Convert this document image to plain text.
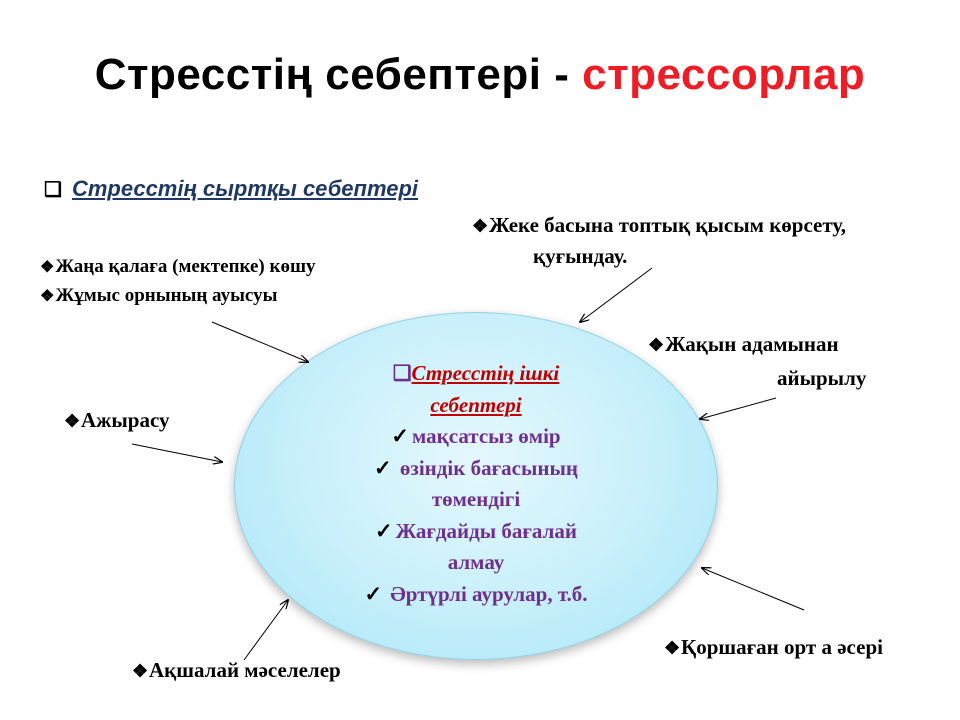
Стресстің себептері - стрессорлар
❑ Стресстің сыртқы себептері
❖Жаңа қалаға (мектепке) көшу
❖Жұмыс орнының ауысуы
❖Жеке басына топтық қысым көрсету,
қуғындау.
❖Жақын адамынан
айырылу
❖Ажырасу
❖Қоршаған орт а әсері
❖Ақшалай мәселелер
❑Стресстің ішкі
себептері
✓ мақсатсыз өмір
✓ өзіндік бағасының
төмендігі
✓ Жағдайды бағалай
алмау
✓ Әртүрлі аурулар, т.б.
